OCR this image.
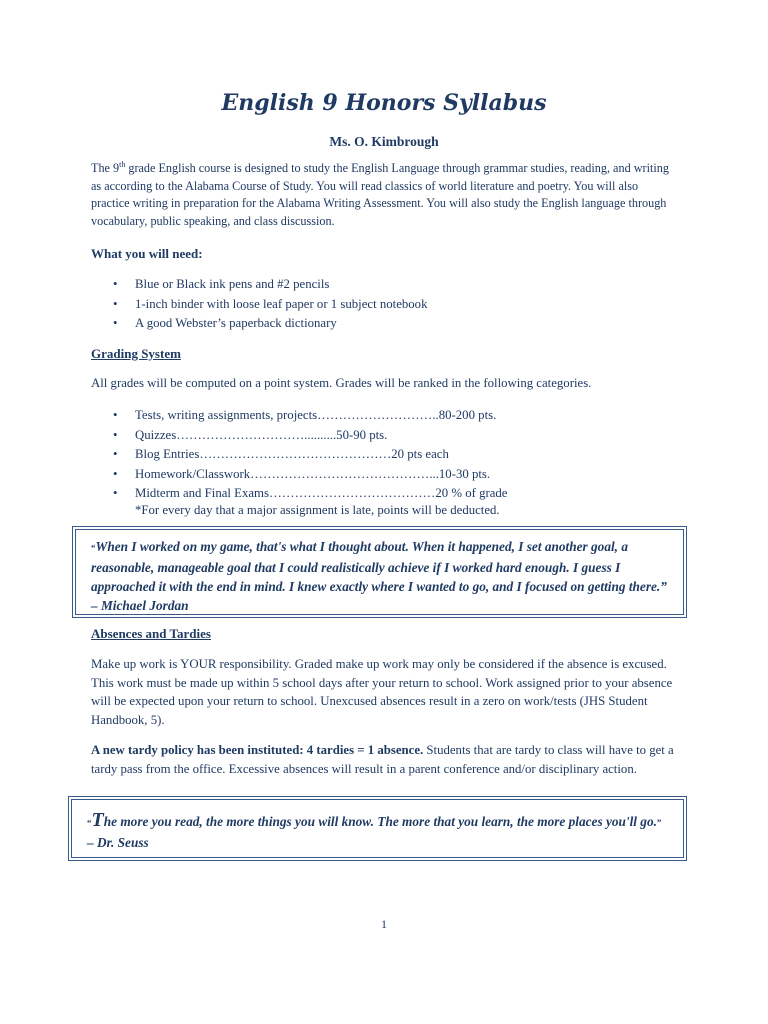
English 9 Honors Syllabus

Ms. O. Kimbrough

The 9th grade English course is designed to study the English Language through grammar studies, reading, and writing as according to the Alabama Course of Study. You will read classics of world literature and poetry. You will also practice writing in preparation for the Alabama Writing Assessment. You will also study the English language through vocabulary, public speaking, and class discussion.

What you will need:

• Blue or Black ink pens and #2 pencils
• 1-inch binder with loose leaf paper or 1 subject notebook
• A good Webster’s paperback dictionary

Grading System

All grades will be computed on a point system. Grades will be ranked in the following categories.

• Tests, writing assignments, projects………………………..80-200 pts.
• Quizzes…………………………..........50-90 pts.
• Blog Entries………………………………………20 pts each
• Homework/Classwork……………………………………...10-30 pts.
• Midterm and Final Exams…………………………………20 % of grade

*For every day that a major assignment is late, points will be deducted.

“When I worked on my game, that's what I thought about. When it happened, I set another goal, a reasonable, manageable goal that I could realistically achieve if I worked hard enough. I guess I approached it with the end in mind. I knew exactly where I wanted to go, and I focused on getting there.” – Michael Jordan

Absences and Tardies

Make up work is YOUR responsibility. Graded make up work may only be considered if the absence is excused. This work must be made up within 5 school days after your return to school. Work assigned prior to your absence will be expected upon your return to school. Unexcused absences result in a zero on work/tests (JHS Student Handbook, 5).

A new tardy policy has been instituted: 4 tardies = 1 absence. Students that are tardy to class will have to get a tardy pass from the office. Excessive absences will result in a parent conference and/or disciplinary action.

“The more you read, the more things you will know. The more that you learn, the more places you'll go.” – Dr. Seuss

1
